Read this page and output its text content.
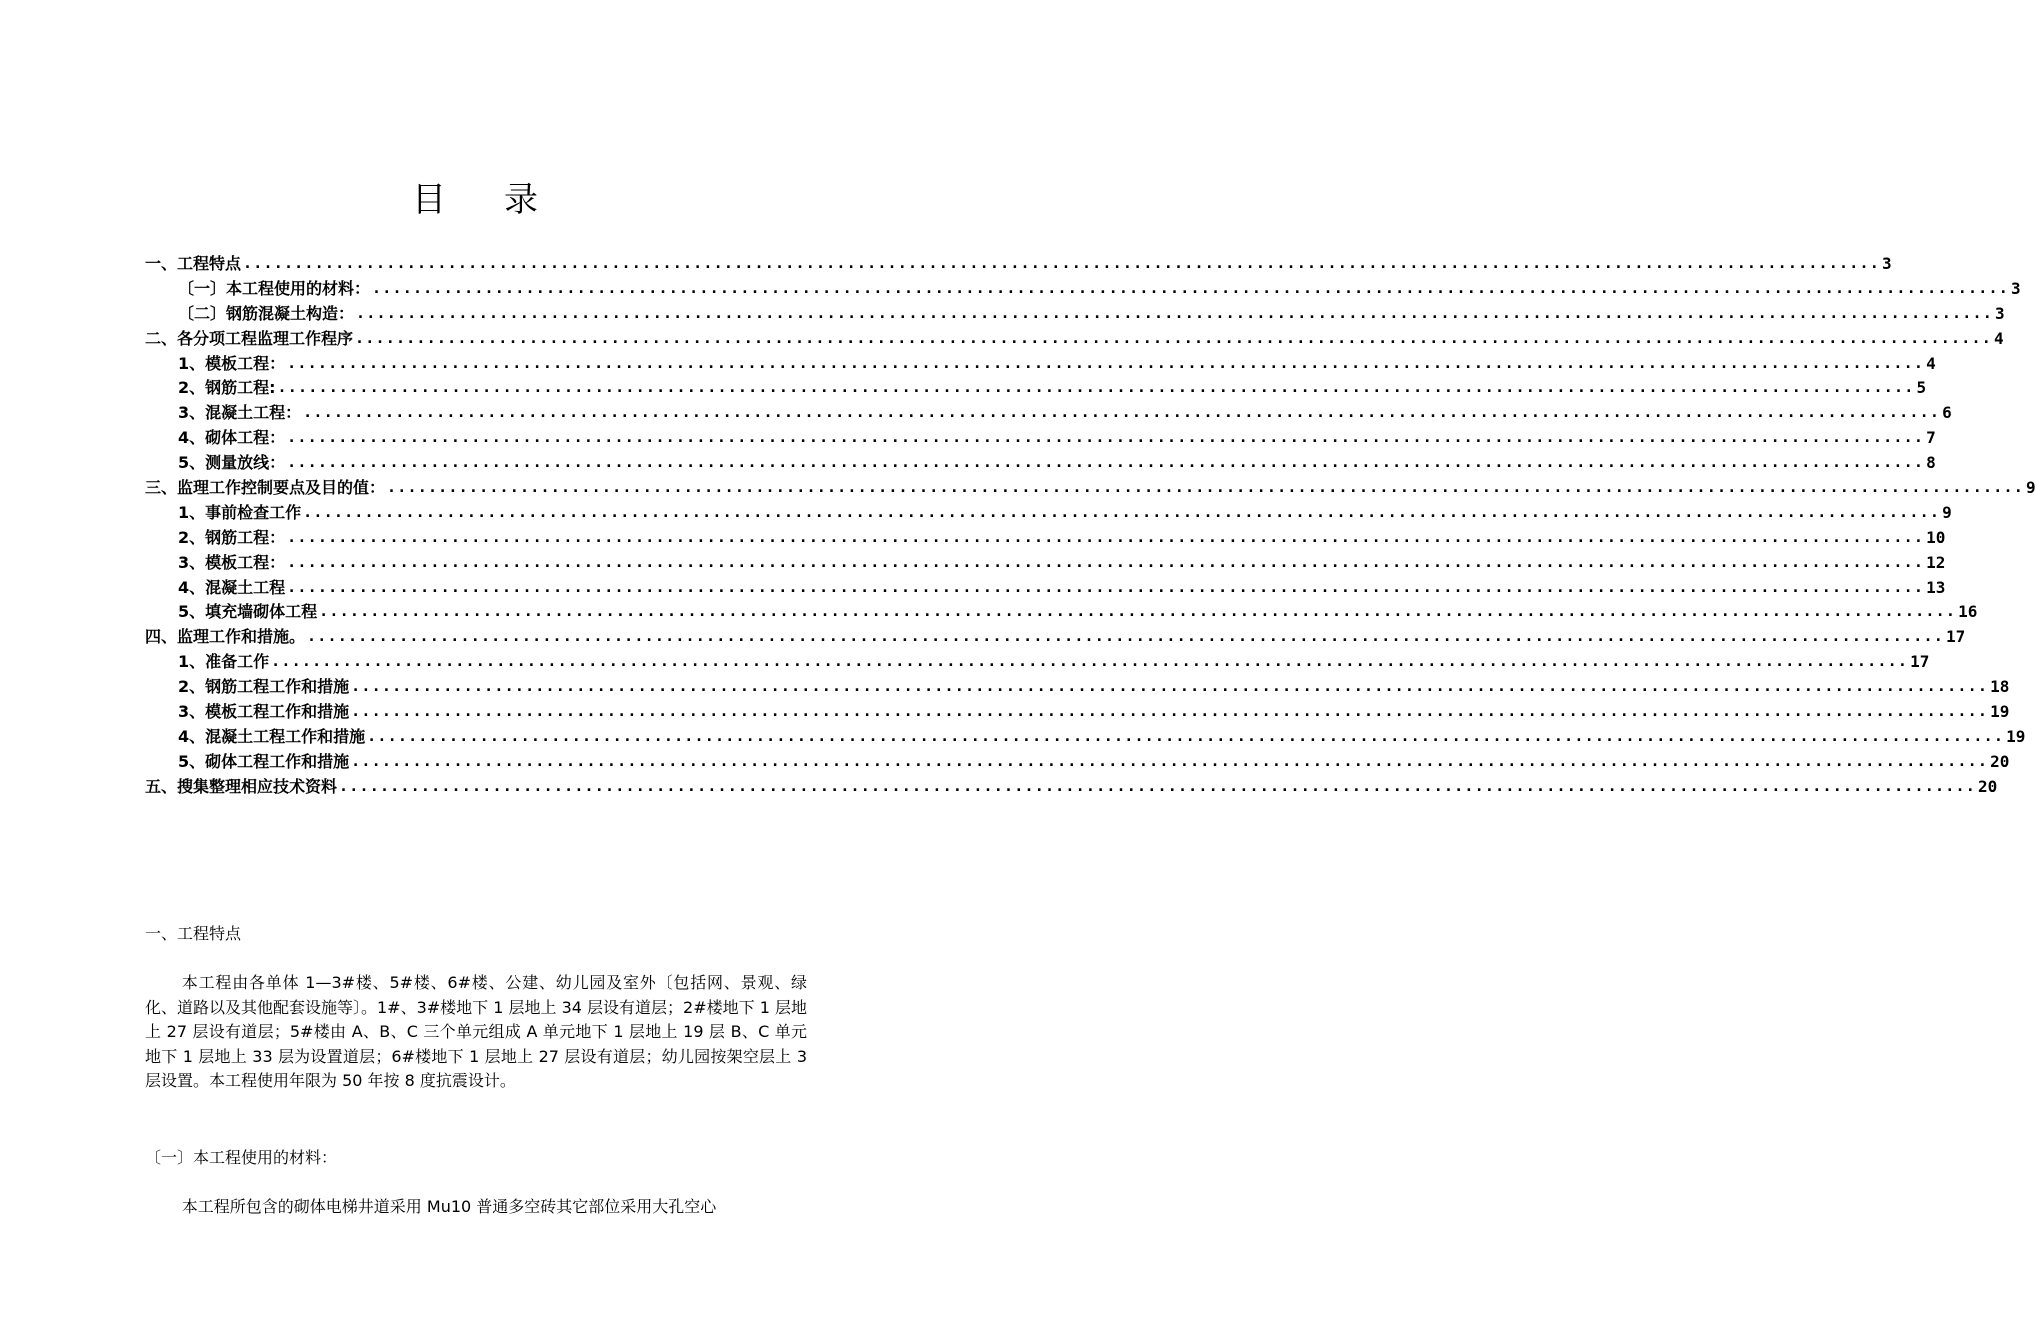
目 录
一、工程特点 ................................................................................................................................................................ 3
〔一〕本工程使用的材料： ................................................................................................................................................................ 3
〔二〕钢筋混凝土构造： ................................................................................................................................................................ 3
二、各分项工程监理工作程序 ................................................................................................................................................................ 4
1、模板工程： ................................................................................................................................................................ 4
2、钢筋工程: ................................................................................................................................................................ 5
3、混凝土工程： ................................................................................................................................................................ 6
4、砌体工程： ................................................................................................................................................................ 7
5、测量放线： ................................................................................................................................................................ 8
三、监理工作控制要点及目的值： ................................................................................................................................................................ 9
1、事前检查工作 ................................................................................................................................................................ 9
2、钢筋工程： ................................................................................................................................................................ 10
3、模板工程： ................................................................................................................................................................ 12
4、混凝土工程 ................................................................................................................................................................ 13
5、填充墙砌体工程 ................................................................................................................................................................ 16
四、监理工作和措施。 ................................................................................................................................................................ 17
1、准备工作 ................................................................................................................................................................ 17
2、钢筋工程工作和措施 ................................................................................................................................................................ 18
3、模板工程工作和措施 ................................................................................................................................................................ 19
4、混凝土工程工作和措施 ................................................................................................................................................................ 19
5、砌体工程工作和措施 ................................................................................................................................................................ 20
五、搜集整理相应技术资料 ................................................................................................................................................................ 20
一、工程特点
本工程由各单体 1—3#楼、5#楼、6#楼、公建、幼儿园及室外〔包括网、景观、绿化、道路以及其他配套设施等〕。1#、3#楼地下 1 层地上 34 层设有道层；2#楼地下 1 层地上 27 层设有道层；5#楼由 A、B、C 三个单元组成 A 单元地下 1 层地上 19 层 B、C 单元地下 1 层地上 33 层为设置道层；6#楼地下 1 层地上 27 层设有道层；幼儿园按架空层上 3 层设置。本工程使用年限为 50 年按 8 度抗震设计。
〔一〕本工程使用的材料：
本工程所包含的砌体电梯井道采用 Mu10 普通多空砖其它部位采用大孔空心
